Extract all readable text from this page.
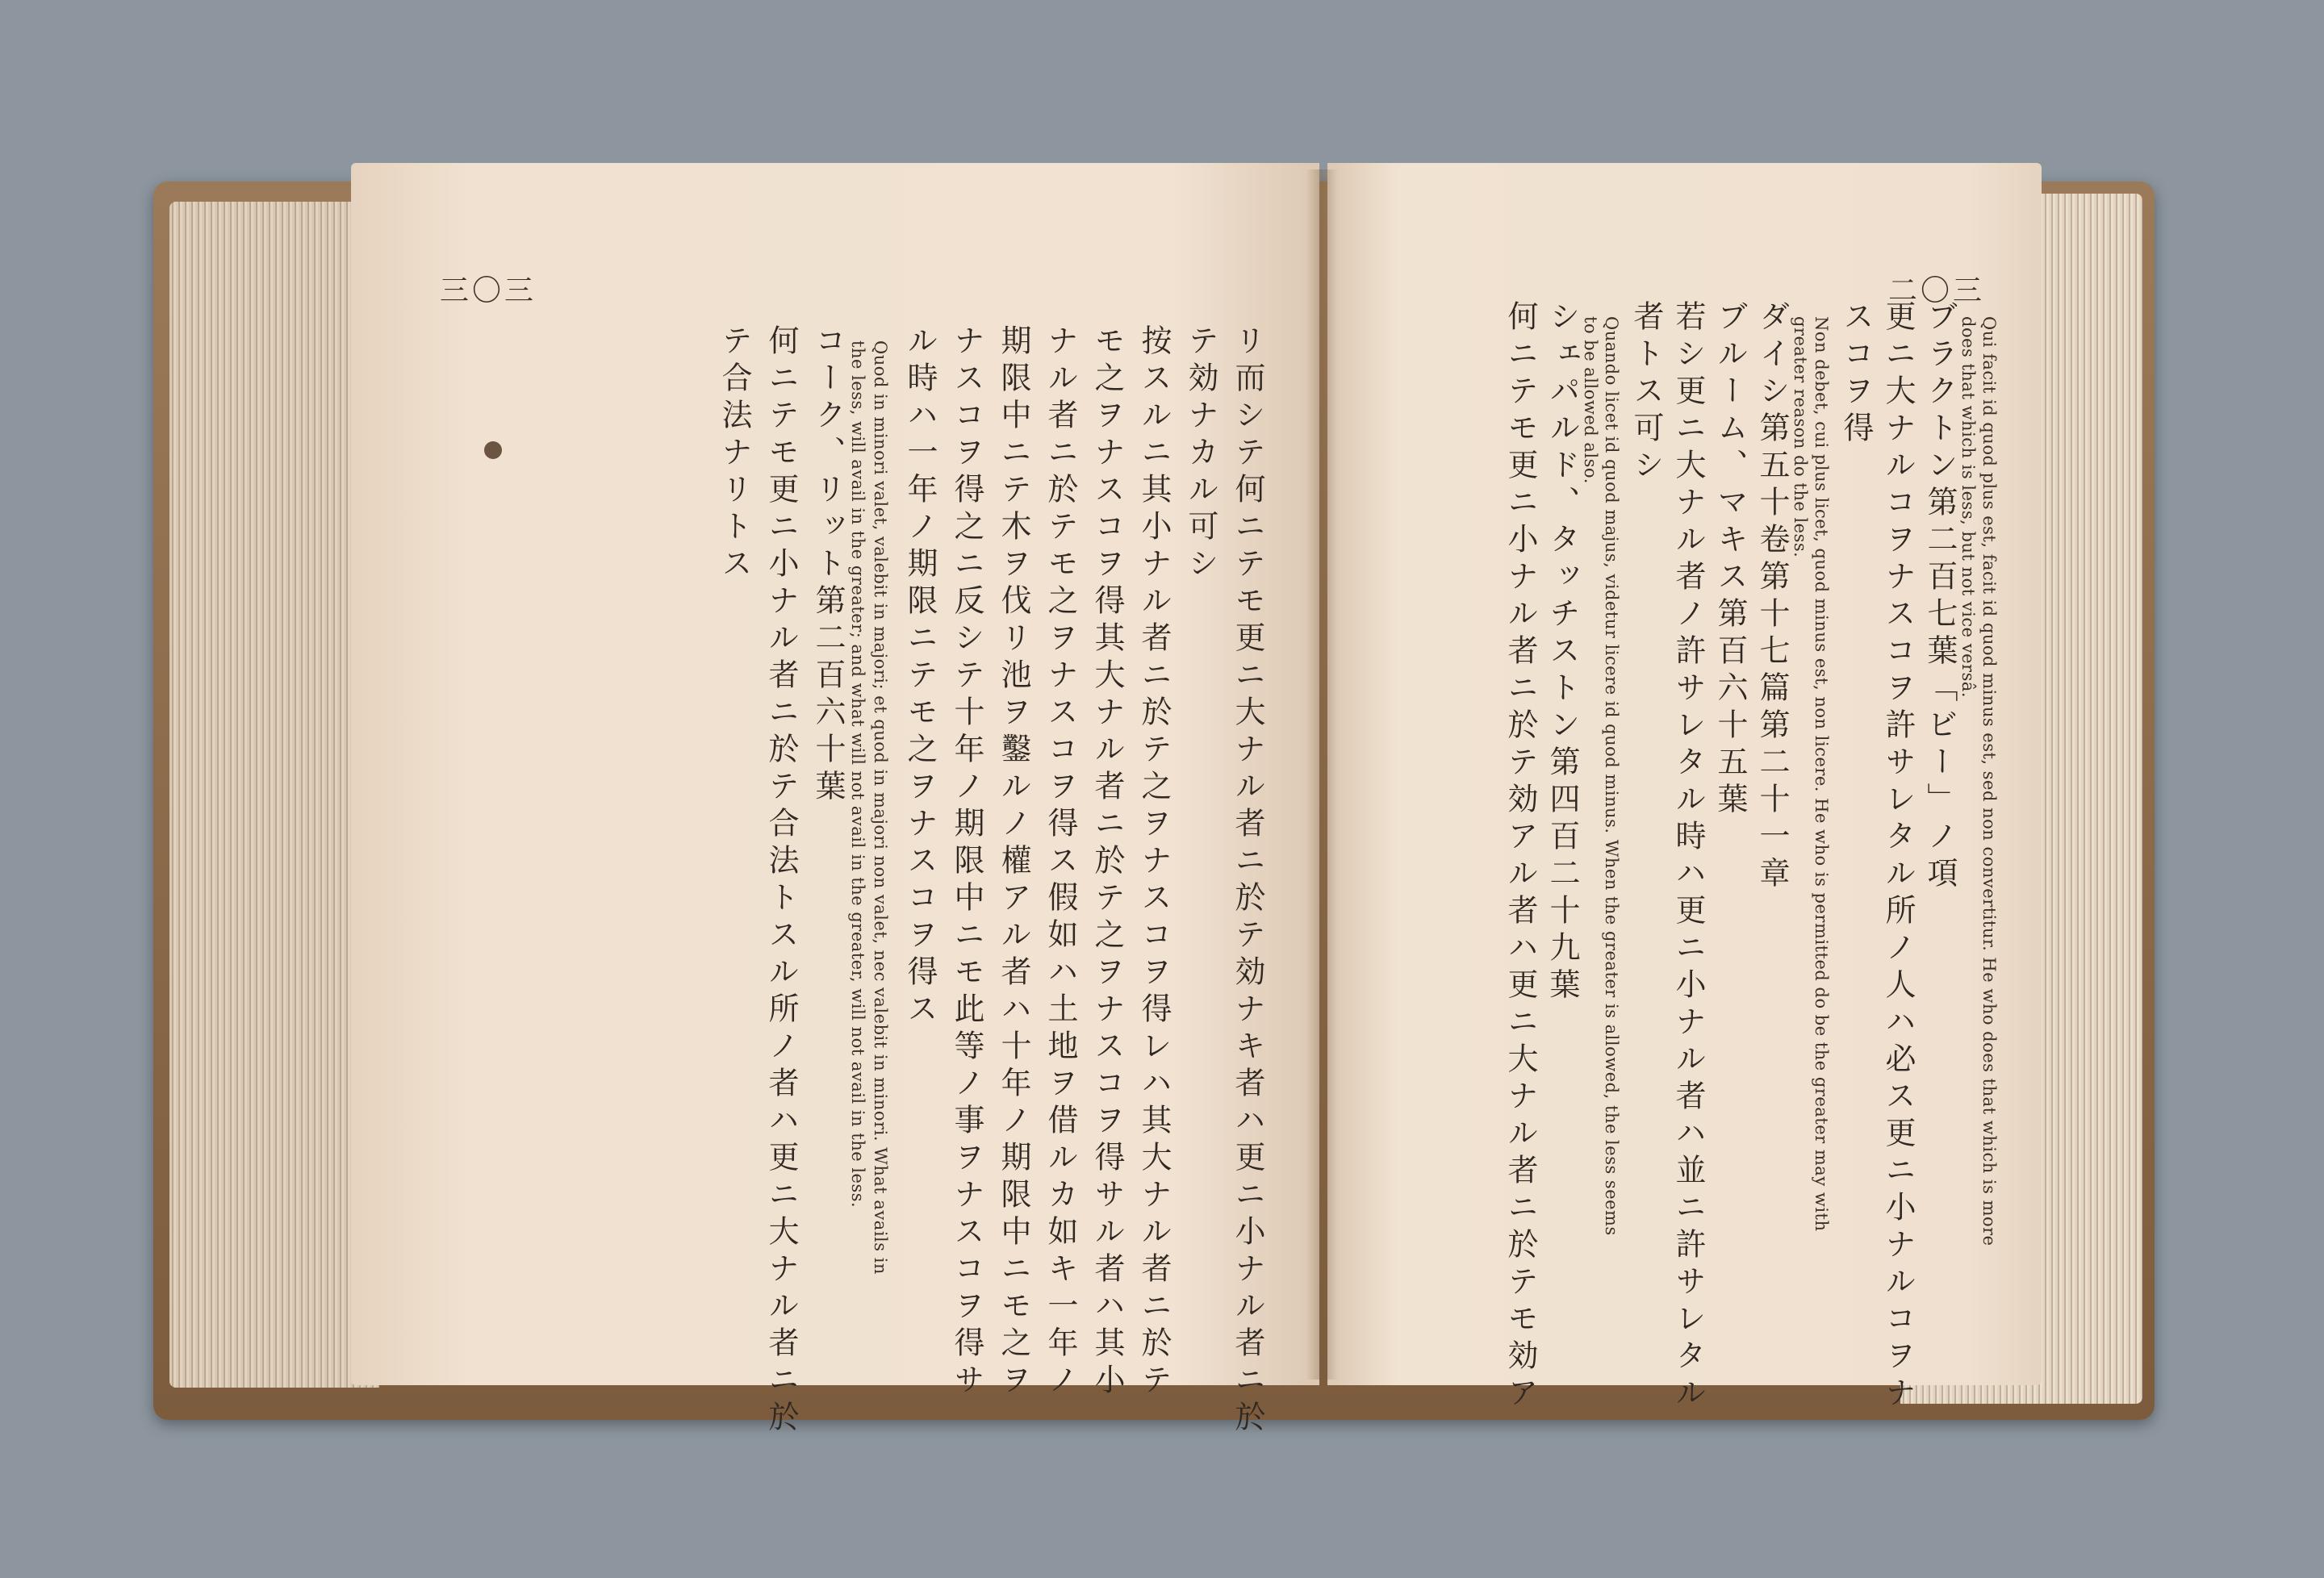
三〇三
リ而シテ何ニテモ更ニ大ナル者ニ於テ効ナキ者ハ更ニ小ナル者ニ於
テ効ナカル可シ
按スルニ其小ナル者ニ於テ之ヲナスコヲ得レハ其大ナル者ニ於テ
モ之ヲナスコヲ得其大ナル者ニ於テ之ヲナスコヲ得サル者ハ其小
ナル者ニ於テモ之ヲナスコヲ得ス假如ハ土地ヲ借ルカ如キ一年ノ
期限中ニテ木ヲ伐リ池ヲ鑿ルノ權アル者ハ十年ノ期限中ニモ之ヲ
ナスコヲ得之ニ反シテ十年ノ期限中ニモ此等ノ事ヲナスコヲ得サ
ル時ハ一年ノ期限ニテモ之ヲナスコヲ得ス
Quod in minori valet, valebit in majori; et quod in majori non valet, nec valebit in minori. What avails in
the less, will avail in the greater; and what will not avail in the greater, will not avail in the less.
コーク、リット第二百六十葉
何ニテモ更ニ小ナル者ニ於テ合法トスル所ノ者ハ更ニ大ナル者ニ於
テ合法ナリトス
二〇三
Qui facit id quod plus est, facit id quod minus est, sed non convertitur. He who does that which is more
does that which is less, but not vice versâ.
ブラクトン第二百七葉「ビー」ノ項
更ニ大ナルコヲナスコヲ許サレタル所ノ人ハ必ス更ニ小ナルコヲナ
スコヲ得
Non debet, cui plus licet, quod minus est, non licere. He who is permitted do be the greater may with
greater reason do the less.
ダイシ第五十卷第十七篇第二十一章
ブルーム、マキス第百六十五葉
若シ更ニ大ナル者ノ許サレタル時ハ更ニ小ナル者ハ並ニ許サレタル
者トス可シ
Quando licet id quod majus, videtur licere id quod minus. When the greater is allowed, the less seems
to be allowed also.
シェパルド、タッチストン第四百二十九葉
何ニテモ更ニ小ナル者ニ於テ効アル者ハ更ニ大ナル者ニ於テモ効ア
